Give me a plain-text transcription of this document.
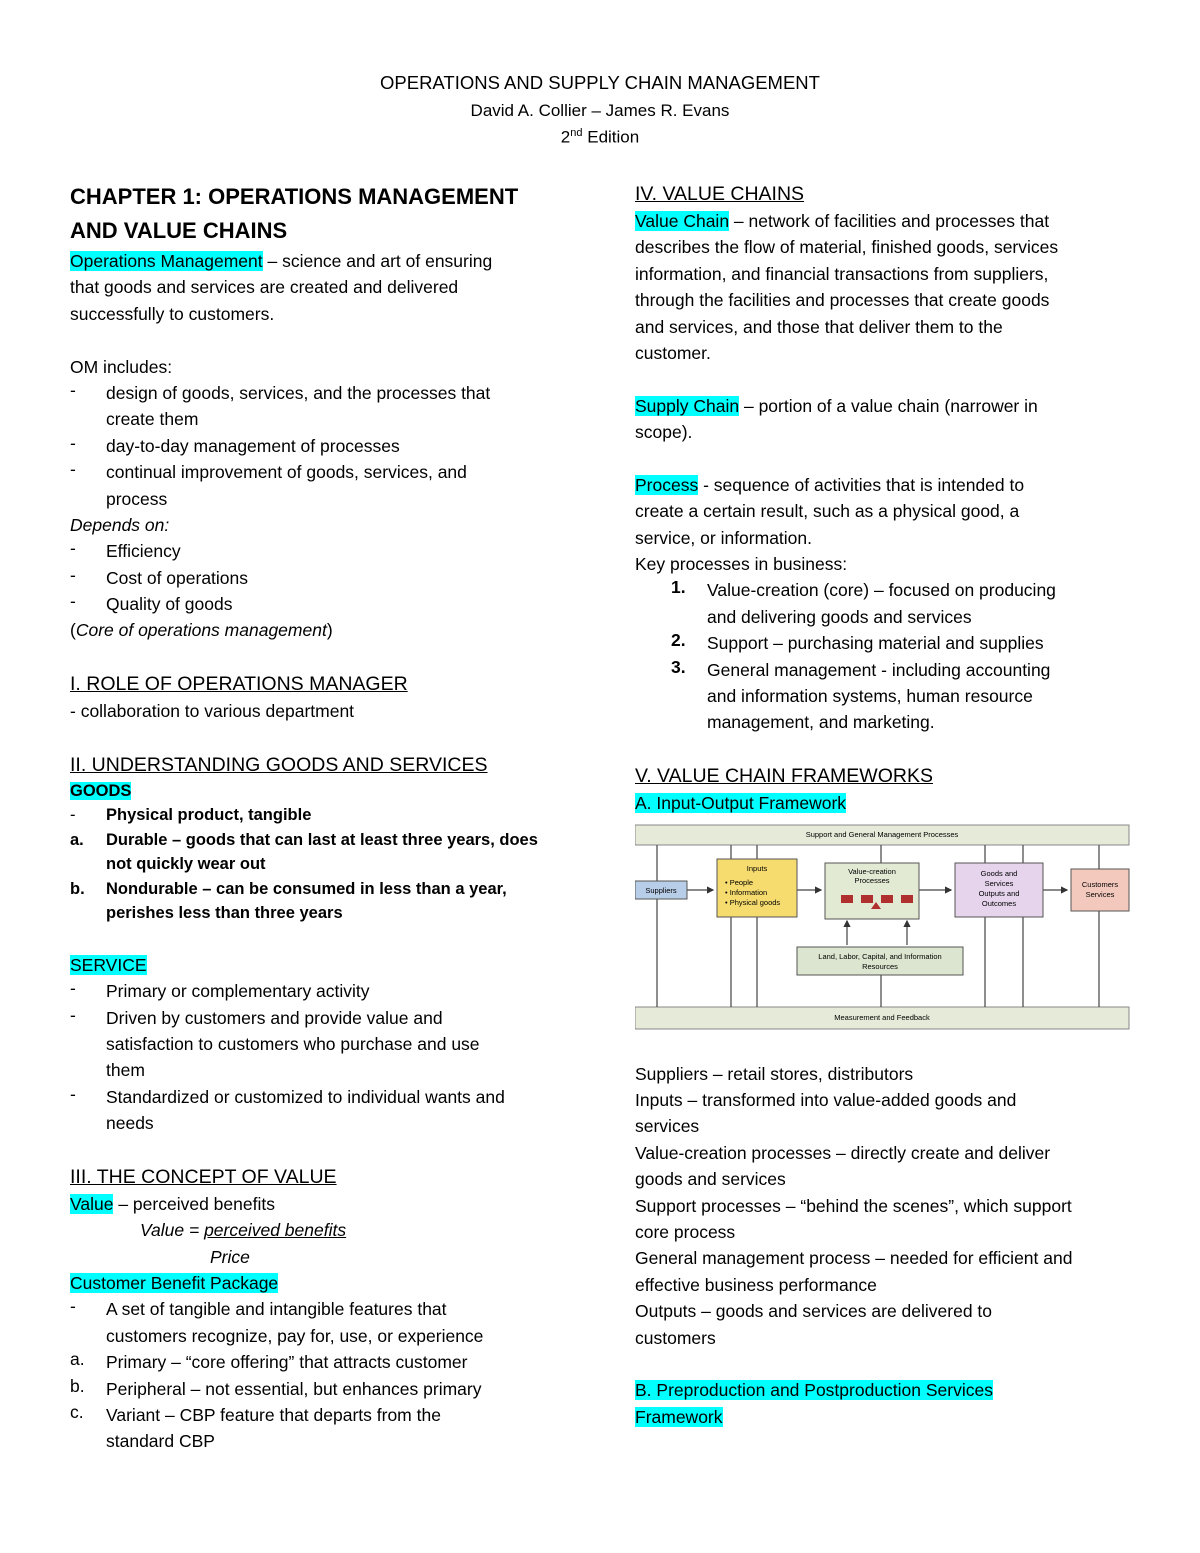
OPERATIONS AND SUPPLY CHAIN MANAGEMENT
David A. Collier – James R. Evans
2nd Edition
CHAPTER 1: OPERATIONS MANAGEMENT
AND VALUE CHAINS
Operations Management – science and art of ensuring
that goods and services are created and delivered
successfully to customers.
OM includes:
- design of goods, services, and the processes that
create them
- day-to-day management of processes
- continual improvement of goods, services, and
process
Depends on:
- Efficiency
- Cost of operations
- Quality of goods
(Core of operations management)
I. ROLE OF OPERATIONS MANAGER
- collaboration to various department
II. UNDERSTANDING GOODS AND SERVICES
GOODS
- Physical product, tangible
a. Durable – goods that can last at least three years, does
not quickly wear out
b. Nondurable – can be consumed in less than a year,
perishes less than three years
SERVICE
- Primary or complementary activity
- Driven by customers and provide value and
satisfaction to customers who purchase and use
them
- Standardized or customized to individual wants and
needs
III. THE CONCEPT OF VALUE
Value – perceived benefits
Value = perceived benefits
Price
Customer Benefit Package
- A set of tangible and intangible features that
customers recognize, pay for, use, or experience
a. Primary – “core offering” that attracts customer
b. Peripheral – not essential, but enhances primary
c. Variant – CBP feature that departs from the
standard CBP
IV. VALUE CHAINS
Value Chain – network of facilities and processes that
describes the flow of material, finished goods, services
information, and financial transactions from suppliers,
through the facilities and processes that create goods
and services, and those that deliver them to the
customer.
Supply Chain – portion of a value chain (narrower in
scope).
Process - sequence of activities that is intended to
create a certain result, such as a physical good, a
service, or information.
Key processes in business:
1. Value-creation (core) – focused on producing
and delivering goods and services
2. Support – purchasing material and supplies
3. General management - including accounting
and information systems, human resource
management, and marketing.
V. VALUE CHAIN FRAMEWORKS
A. Input-Output Framework
Support and General Management Processes
Measurement and Feedback
Suppliers
Inputs
• People
• Information
• Physical goods
Value-creation
Processes
Goods and
Services
Outputs and
Outcomes
Customers
Services
Land, Labor, Capital, and Information
Resources
Suppliers – retail stores, distributors
Inputs – transformed into value-added goods and
services
Value-creation processes – directly create and deliver
goods and services
Support processes – “behind the scenes”, which support
core process
General management process – needed for efficient and
effective business performance
Outputs – goods and services are delivered to
customers
B. Preproduction and Postproduction Services
Framework
